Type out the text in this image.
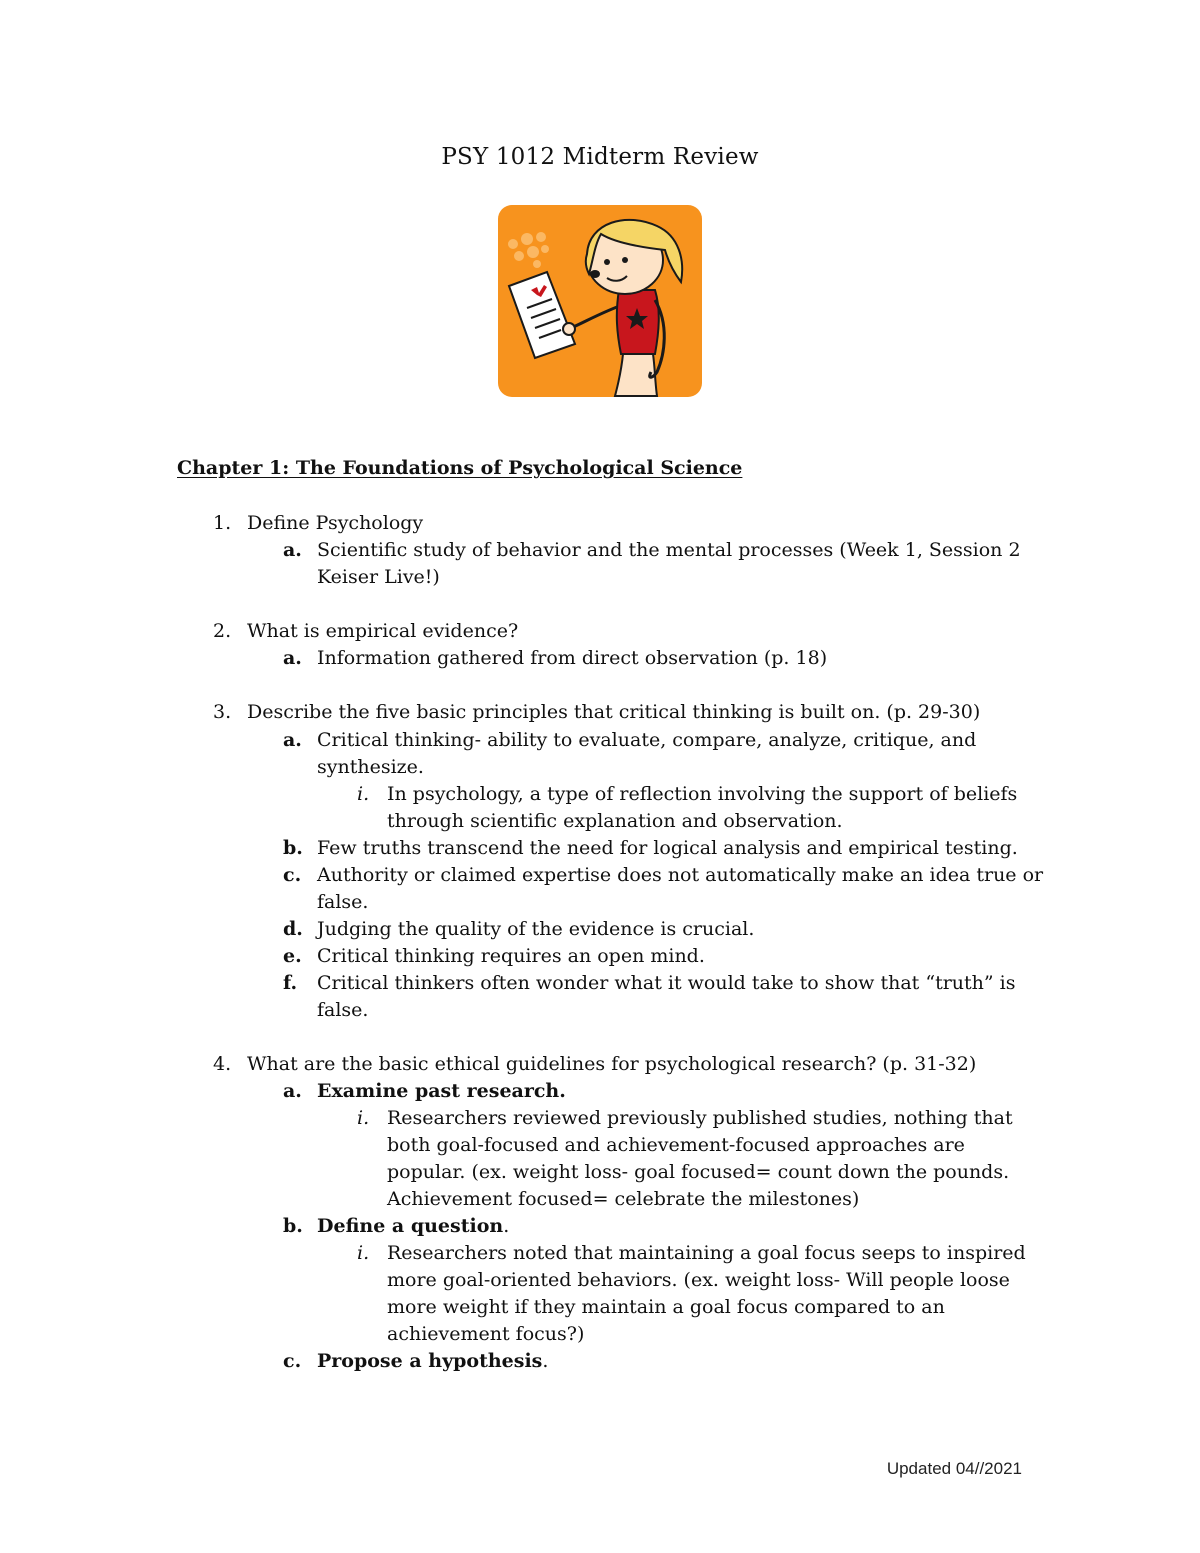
PSY 1012 Midterm Review
Chapter 1: The Foundations of Psychological Science
1. Define Psychology
a. Scientific study of behavior and the mental processes (Week 1, Session 2
Keiser Live!)
2. What is empirical evidence?
a. Information gathered from direct observation (p. 18)
3. Describe the five basic principles that critical thinking is built on. (p. 29-30)
a. Critical thinking- ability to evaluate, compare, analyze, critique, and
synthesize.
i. In psychology, a type of reflection involving the support of beliefs
through scientific explanation and observation.
b. Few truths transcend the need for logical analysis and empirical testing.
c. Authority or claimed expertise does not automatically make an idea true or
false.
d. Judging the quality of the evidence is crucial.
e. Critical thinking requires an open mind.
f. Critical thinkers often wonder what it would take to show that “truth” is
false.
4. What are the basic ethical guidelines for psychological research? (p. 31-32)
a. Examine past research.
i. Researchers reviewed previously published studies, nothing that
both goal-focused and achievement-focused approaches are
popular. (ex. weight loss- goal focused= count down the pounds.
Achievement focused= celebrate the milestones)
b. Define a question.
i. Researchers noted that maintaining a goal focus seeps to inspired
more goal-oriented behaviors. (ex. weight loss- Will people loose
more weight if they maintain a goal focus compared to an
achievement focus?)
c. Propose a hypothesis.
Updated 04//2021
